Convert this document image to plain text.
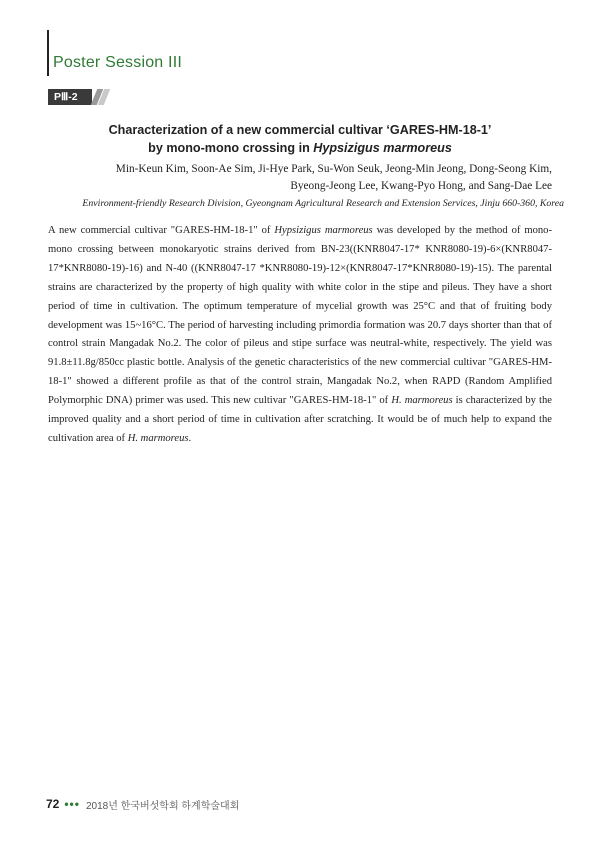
Poster Session III
PⅢ-2
Characterization of a new commercial cultivar ‘GARES-HM-18-1’
by mono-mono crossing in Hypsizigus marmoreus
Min-Keun Kim, Soon-Ae Sim, Ji-Hye Park, Su-Won Seuk, Jeong-Min Jeong, Dong-Seong Kim,
Byeong-Jeong Lee, Kwang-Pyo Hong, and Sang-Dae Lee
Environment-friendly Research Division, Gyeongnam Agricultural Research and Extension Services, Jinju 660-360, Korea

A new commercial cultivar "GARES-HM-18-1" of Hypsizigus marmoreus was developed by the method of mono-mono crossing between monokaryotic strains derived from BN-23((KNR8047-17* KNR8080-19)-6×(KNR8047-17*KNR8080-19)-16) and N-40 ((KNR8047-17 *KNR8080-19)-12×(KNR8047-17*KNR8080-19)-15). The parental strains are characterized by the property of high quality with white color in the stipe and pileus. They have a short period of time in cultivation. The optimum temperature of mycelial growth was 25°C and that of fruiting body development was 15~16°C. The period of harvesting including primordia formation was 20.7 days shorter than that of control strain Mangadak No.2. The color of pileus and stipe surface was neutral-white, respectively. The yield was 91.8±11.8g/850cc plastic bottle. Analysis of the genetic characteristics of the new commercial cultivar "GARES-HM-18-1" showed a different profile as that of the control strain, Mangadak No.2, when RAPD (Random Amplified Polymorphic DNA) primer was used. This new cultivar "GARES-HM-18-1" of H. marmoreus is characterized by the improved quality and a short period of time in cultivation after scratching. It would be of much help to expand the cultivation area of H. marmoreus.

72 ••• 2018년 한국버섯학회 하계학술대회
